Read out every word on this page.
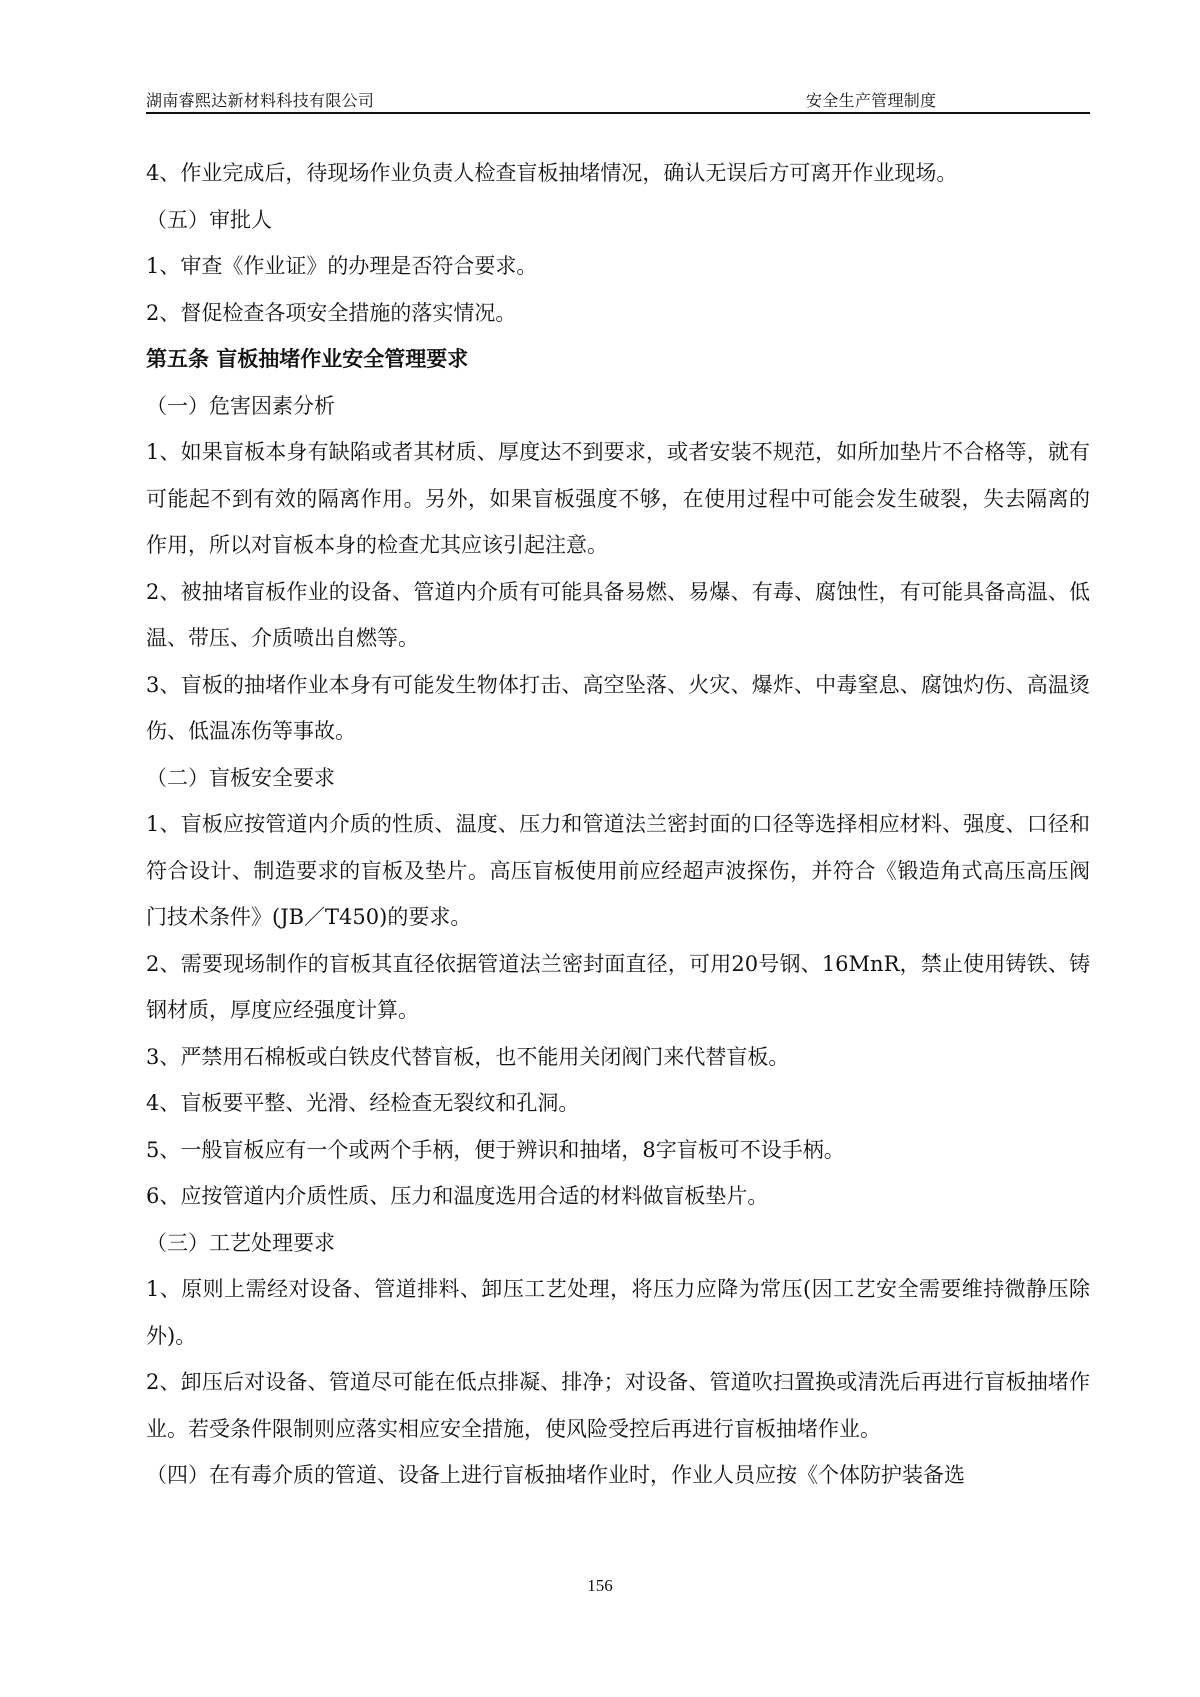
湖南睿熙达新材料科技有限公司	安全生产管理制度

4、作业完成后，待现场作业负责人检查盲板抽堵情况，确认无误后方可离开作业现场。

（五）审批人

1、审查《作业证》的办理是否符合要求。

2、督促检查各项安全措施的落实情况。

第五条 盲板抽堵作业安全管理要求

（一）危害因素分析

1、如果盲板本身有缺陷或者其材质、厚度达不到要求，或者安装不规范，如所加垫片不合格等，就有可能起不到有效的隔离作用。另外，如果盲板强度不够，在使用过程中可能会发生破裂，失去隔离的作用，所以对盲板本身的检查尤其应该引起注意。

2、被抽堵盲板作业的设备、管道内介质有可能具备易燃、易爆、有毒、腐蚀性，有可能具备高温、低温、带压、介质喷出自燃等。

3、盲板的抽堵作业本身有可能发生物体打击、高空坠落、火灾、爆炸、中毒窒息、腐蚀灼伤、高温烫伤、低温冻伤等事故。

（二）盲板安全要求

1、盲板应按管道内介质的性质、温度、压力和管道法兰密封面的口径等选择相应材料、强度、口径和符合设计、制造要求的盲板及垫片。高压盲板使用前应经超声波探伤，并符合《锻造角式高压高压阀门技术条件》(JB／T450)的要求。

2、需要现场制作的盲板其直径依据管道法兰密封面直径，可用20号钢、16MnR，禁止使用铸铁、铸钢材质，厚度应经强度计算。

3、严禁用石棉板或白铁皮代替盲板，也不能用关闭阀门来代替盲板。

4、盲板要平整、光滑、经检查无裂纹和孔洞。

5、一般盲板应有一个或两个手柄，便于辨识和抽堵，8字盲板可不设手柄。

6、应按管道内介质性质、压力和温度选用合适的材料做盲板垫片。

（三）工艺处理要求

1、原则上需经对设备、管道排料、卸压工艺处理，将压力应降为常压(因工艺安全需要维持微静压除外)。

2、卸压后对设备、管道尽可能在低点排凝、排净；对设备、管道吹扫置换或清洗后再进行盲板抽堵作业。若受条件限制则应落实相应安全措施，使风险受控后再进行盲板抽堵作业。

（四）在有毒介质的管道、设备上进行盲板抽堵作业时，作业人员应按《个体防护装备选

156
